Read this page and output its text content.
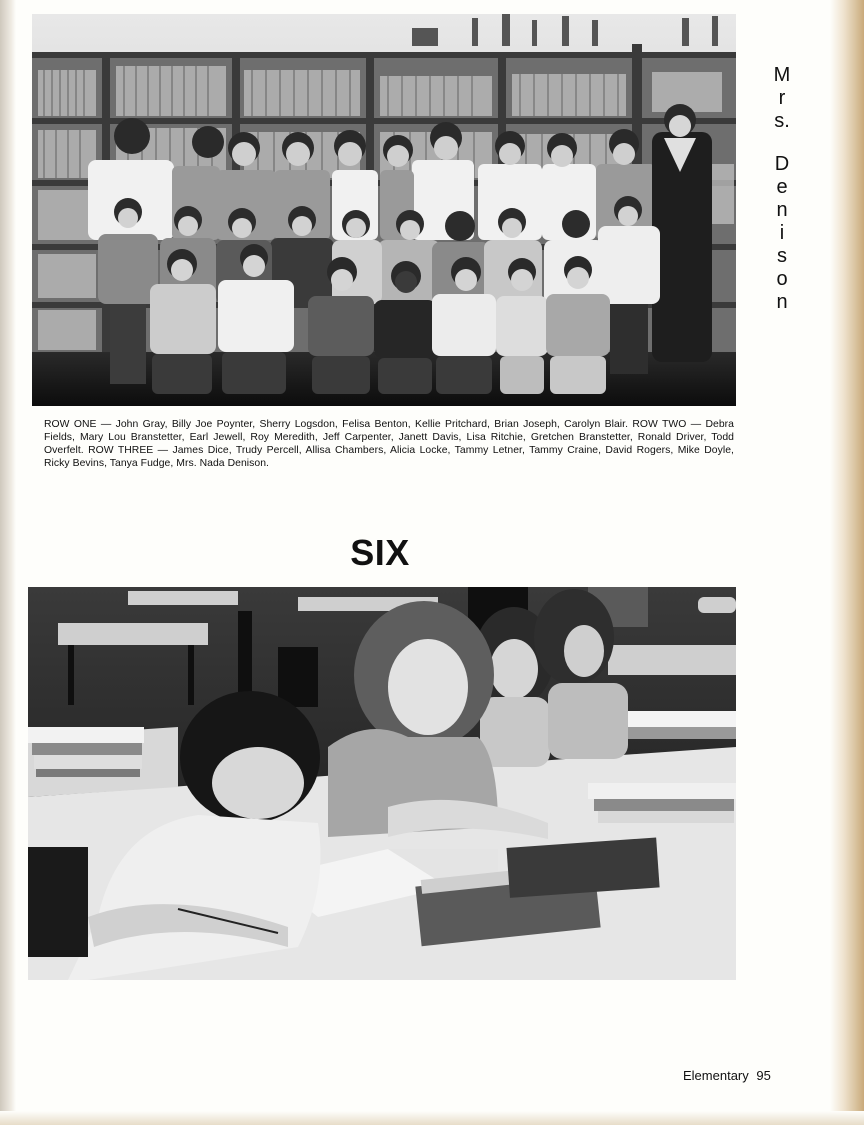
M
r
s.
D
e
n
i
s
o
n
ROW ONE — John Gray, Billy Joe Poynter, Sherry Logsdon, Felisa Benton, Kellie Pritchard, Brian Joseph, Carolyn Blair. ROW TWO — Debra Fields, Mary Lou Branstetter, Earl Jewell, Roy Meredith, Jeff Carpenter, Janett Davis, Lisa Ritchie, Gretchen Branstetter, Ronald Driver, Todd Overfelt. ROW THREE — James Dice, Trudy Percell, Allisa Chambers, Alicia Locke, Tammy Letner, Tammy Craine, David Rogers, Mike Doyle, Ricky Bevins, Tanya Fudge, Mrs. Nada Denison.
SIX
Elementary 95
